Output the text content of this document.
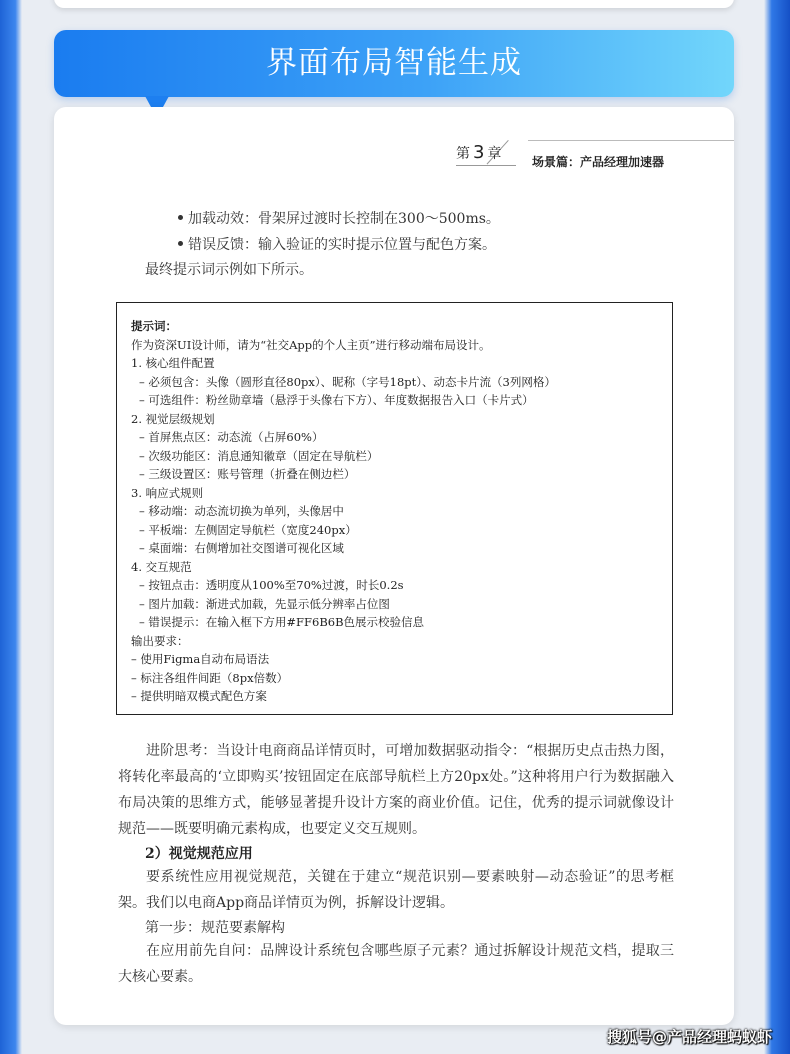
界面布局智能生成
第 3 章	场景篇：产品经理加速器
加载动效：骨架屏过渡时长控制在300～500ms。
错误反馈：输入验证的实时提示位置与配色方案。
最终提示词示例如下所示。
提示词：
作为资深UI设计师，请为“社交App的个人主页”进行移动端布局设计。
1. 核心组件配置
– 必须包含：头像（圆形直径80px）、昵称（字号18pt）、动态卡片流（3列网格）
– 可选组件：粉丝勋章墙（悬浮于头像右下方）、年度数据报告入口（卡片式）
2. 视觉层级规划
– 首屏焦点区：动态流（占屏60%）
– 次级功能区：消息通知徽章（固定在导航栏）
– 三级设置区：账号管理（折叠在侧边栏）
3. 响应式规则
– 移动端：动态流切换为单列，头像居中
– 平板端：左侧固定导航栏（宽度240px）
– 桌面端：右侧增加社交图谱可视化区域
4. 交互规范
– 按钮点击：透明度从100%至70%过渡，时长0.2s
– 图片加载：渐进式加载，先显示低分辨率占位图
– 错误提示：在输入框下方用#FF6B6B色展示校验信息
输出要求：
– 使用Figma自动布局语法
– 标注各组件间距（8px倍数）
– 提供明暗双模式配色方案
进阶思考：当设计电商商品详情页时，可增加数据驱动指令：“根据历史点击热力图，将转化率最高的‘立即购买’按钮固定在底部导航栏上方20px处。”这种将用户行为数据融入布局决策的思维方式，能够显著提升设计方案的商业价值。记住，优秀的提示词就像设计规范——既要明确元素构成，也要定义交互规则。
2）视觉规范应用
要系统性应用视觉规范，关键在于建立“规范识别—要素映射—动态验证”的思考框架。我们以电商App商品详情页为例，拆解设计逻辑。
第一步：规范要素解构
在应用前先自问：品牌设计系统包含哪些原子元素？通过拆解设计规范文档，提取三大核心要素。
搜狐号@产品经理蚂蚁虾
